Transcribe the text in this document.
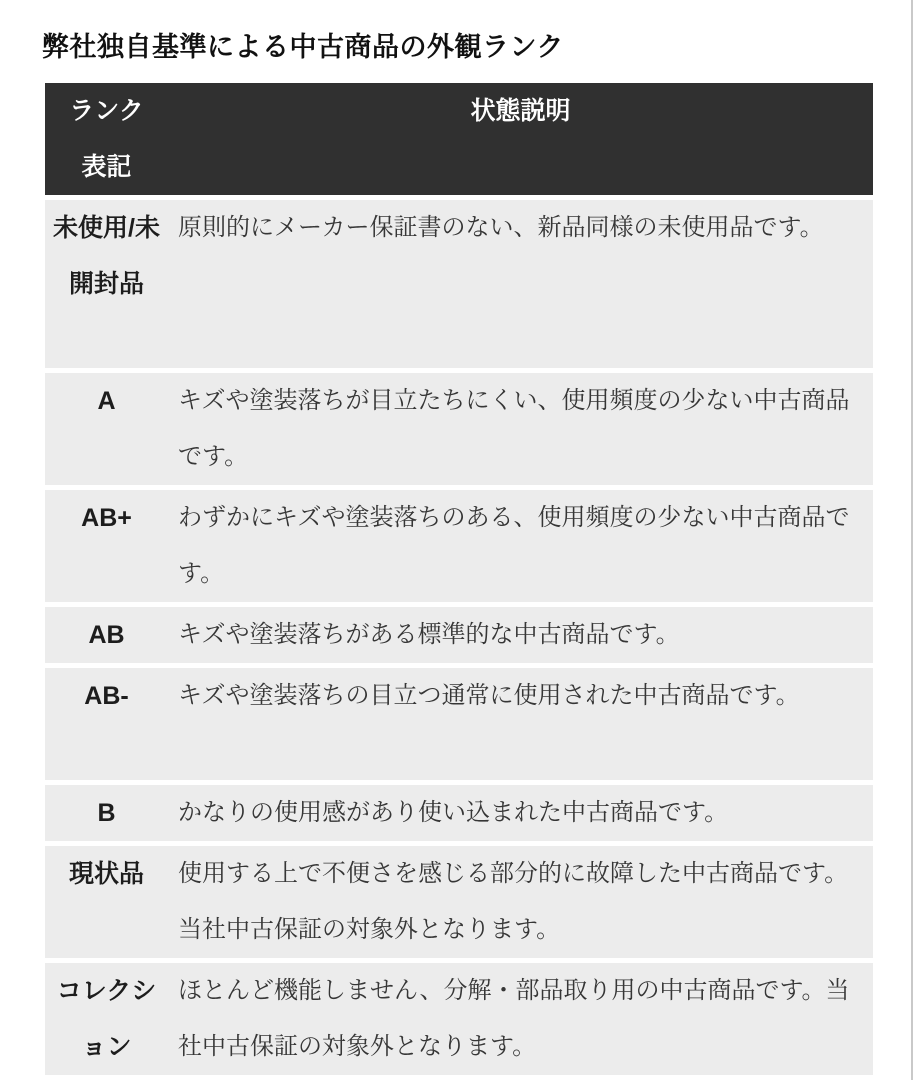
弊社独自基準による中古商品の外観ランク
ランク表記	状態説明
未使用/未開封品	原則的にメーカー保証書のない、新品同様の未使用品です。
A	キズや塗装落ちが目立たちにくい、使用頻度の少ない中古商品です。
AB+	わずかにキズや塗装落ちのある、使用頻度の少ない中古商品です。
AB	キズや塗装落ちがある標準的な中古商品です。
AB-	キズや塗装落ちの目立つ通常に使用された中古商品です。
B	かなりの使用感があり使い込まれた中古商品です。
現状品	使用する上で不便さを感じる部分的に故障した中古商品です。当社中古保証の対象外となります。
コレクション	ほとんど機能しません、分解・部品取り用の中古商品です。当社中古保証の対象外となります。
